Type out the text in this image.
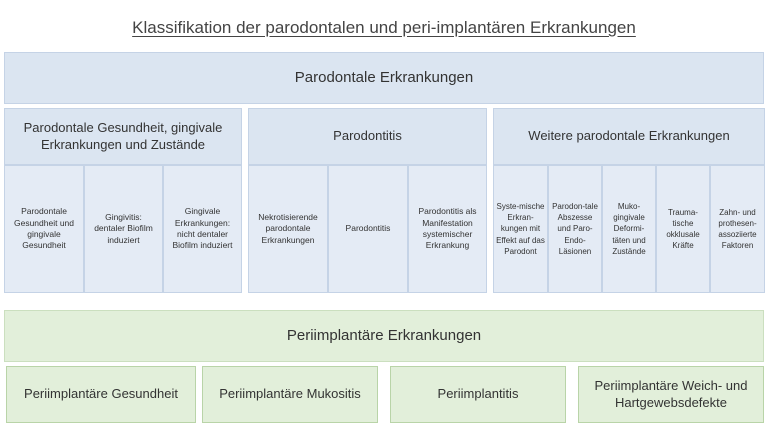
Klassifikation der parodontalen und peri-implantären Erkrankungen
Parodontale Erkrankungen
Parodontale Gesundheit, gingivale Erkrankungen und Zustände
Parodontale Gesundheit und gingivale Gesundheit
Gingivitis: dentaler Biofilm induziert
Gingivale Erkrankungen: nicht dentaler Biofilm induziert
Parodontitis
Nekrotisierende parodontale Erkrankungen
Parodontitis
Parodontitis als Manifestation systemischer Erkrankung
Weitere parodontale Erkrankungen
Syste-mische Erkran-kungen mit Effekt auf das Parodont
Parodon-tale Abszesse und Paro-Endo-Läsionen
Muko-gingivale Deformi-täten und Zustände
Trauma-tische okklusale Kräfte
Zahn- und prothesen-assoziierte Faktoren
Periimplantäre Erkrankungen
Periimplantäre Gesundheit	Periimplantäre Mukositis	Periimplantitis
Periimplantäre Weich- und Hartgewebsdefekte
